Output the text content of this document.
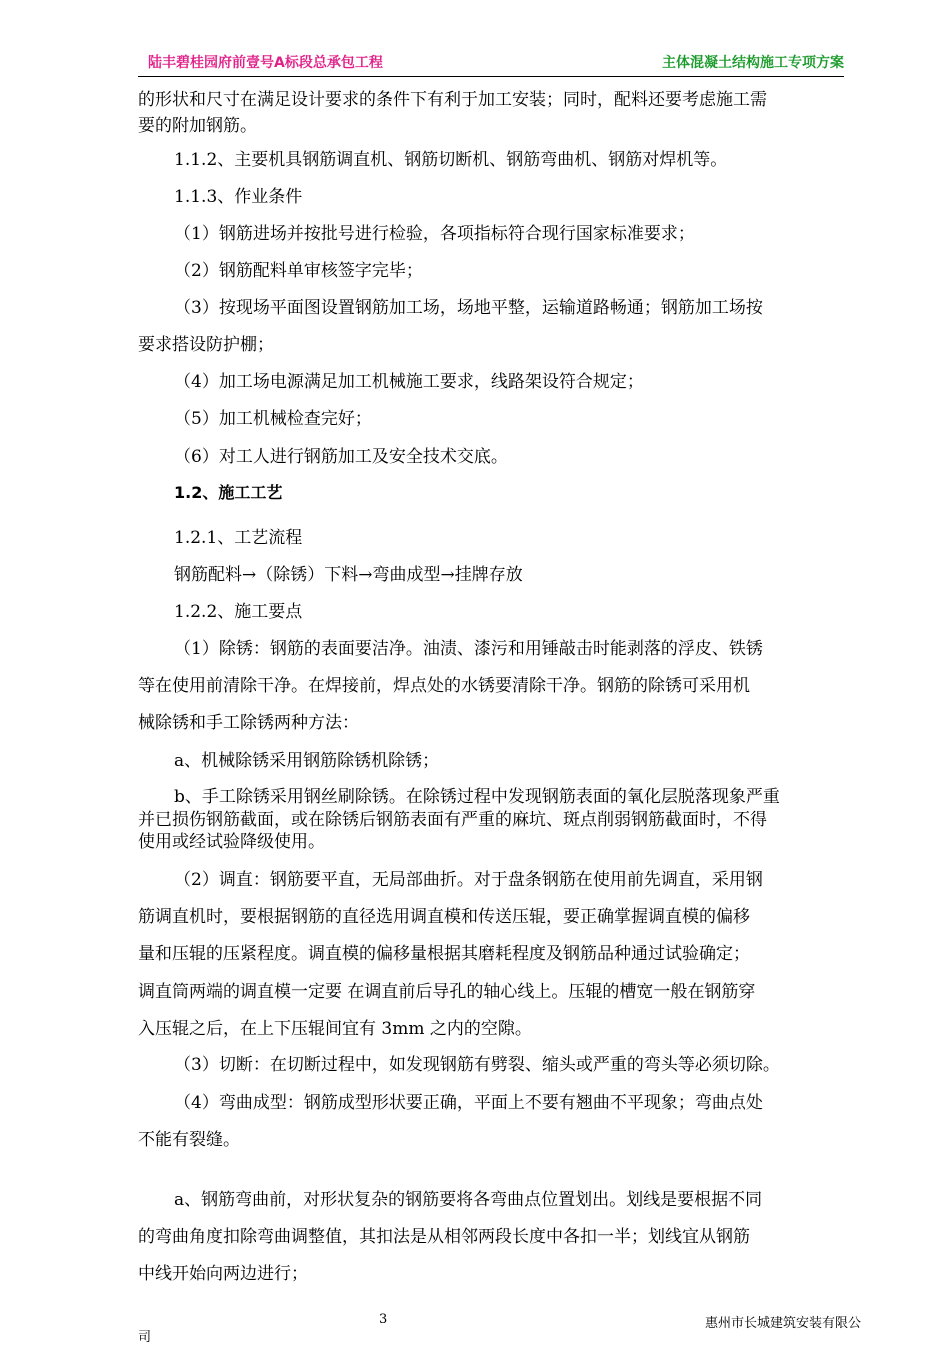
陆丰碧桂园府前壹号A标段总承包工程	主体混凝土结构施工专项方案
的形状和尺寸在满足设计要求的条件下有利于加工安装；同时，配料还要考虑施工需
要的附加钢筋。
1.1.2、主要机具钢筋调直机、钢筋切断机、钢筋弯曲机、钢筋对焊机等。
1.1.3、作业条件
（1）钢筋进场并按批号进行检验，各项指标符合现行国家标准要求；
（2）钢筋配料单审核签字完毕；
（3）按现场平面图设置钢筋加工场，场地平整，运输道路畅通；钢筋加工场按
要求搭设防护棚；
（4）加工场电源满足加工机械施工要求，线路架设符合规定；
（5）加工机械检查完好；
（6）对工人进行钢筋加工及安全技术交底。
1.2、施工工艺
1.2.1、工艺流程
钢筋配料→（除锈）下料→弯曲成型→挂牌存放
1.2.2、施工要点
（1）除锈：钢筋的表面要洁净。油渍、漆污和用锤敲击时能剥落的浮皮、铁锈
等在使用前清除干净。在焊接前，焊点处的水锈要清除干净。钢筋的除锈可采用机
械除锈和手工除锈两种方法：
a、机械除锈采用钢筋除锈机除锈；
b、手工除锈采用钢丝刷除锈。在除锈过程中发现钢筋表面的氧化层脱落现象严重
并已损伤钢筋截面，或在除锈后钢筋表面有严重的麻坑、斑点削弱钢筋截面时，不得
使用或经试验降级使用。
（2）调直：钢筋要平直，无局部曲折。对于盘条钢筋在使用前先调直，采用钢
筋调直机时，要根据钢筋的直径选用调直模和传送压辊，要正确掌握调直模的偏移
量和压辊的压紧程度。调直模的偏移量根据其磨耗程度及钢筋品种通过试验确定；
调直筒两端的调直模一定要 在调直前后导孔的轴心线上。压辊的槽宽一般在钢筋穿
入压辊之后，在上下压辊间宜有 3mm 之内的空隙。
（3）切断：在切断过程中，如发现钢筋有劈裂、缩头或严重的弯头等必须切除。
（4）弯曲成型：钢筋成型形状要正确，平面上不要有翘曲不平现象；弯曲点处
不能有裂缝。
a、钢筋弯曲前，对形状复杂的钢筋要将各弯曲点位置划出。划线是要根据不同
的弯曲角度扣除弯曲调整值，其扣法是从相邻两段长度中各扣一半；划线宜从钢筋
中线开始向两边进行；
3	惠州市长城建筑安装有限公
司
